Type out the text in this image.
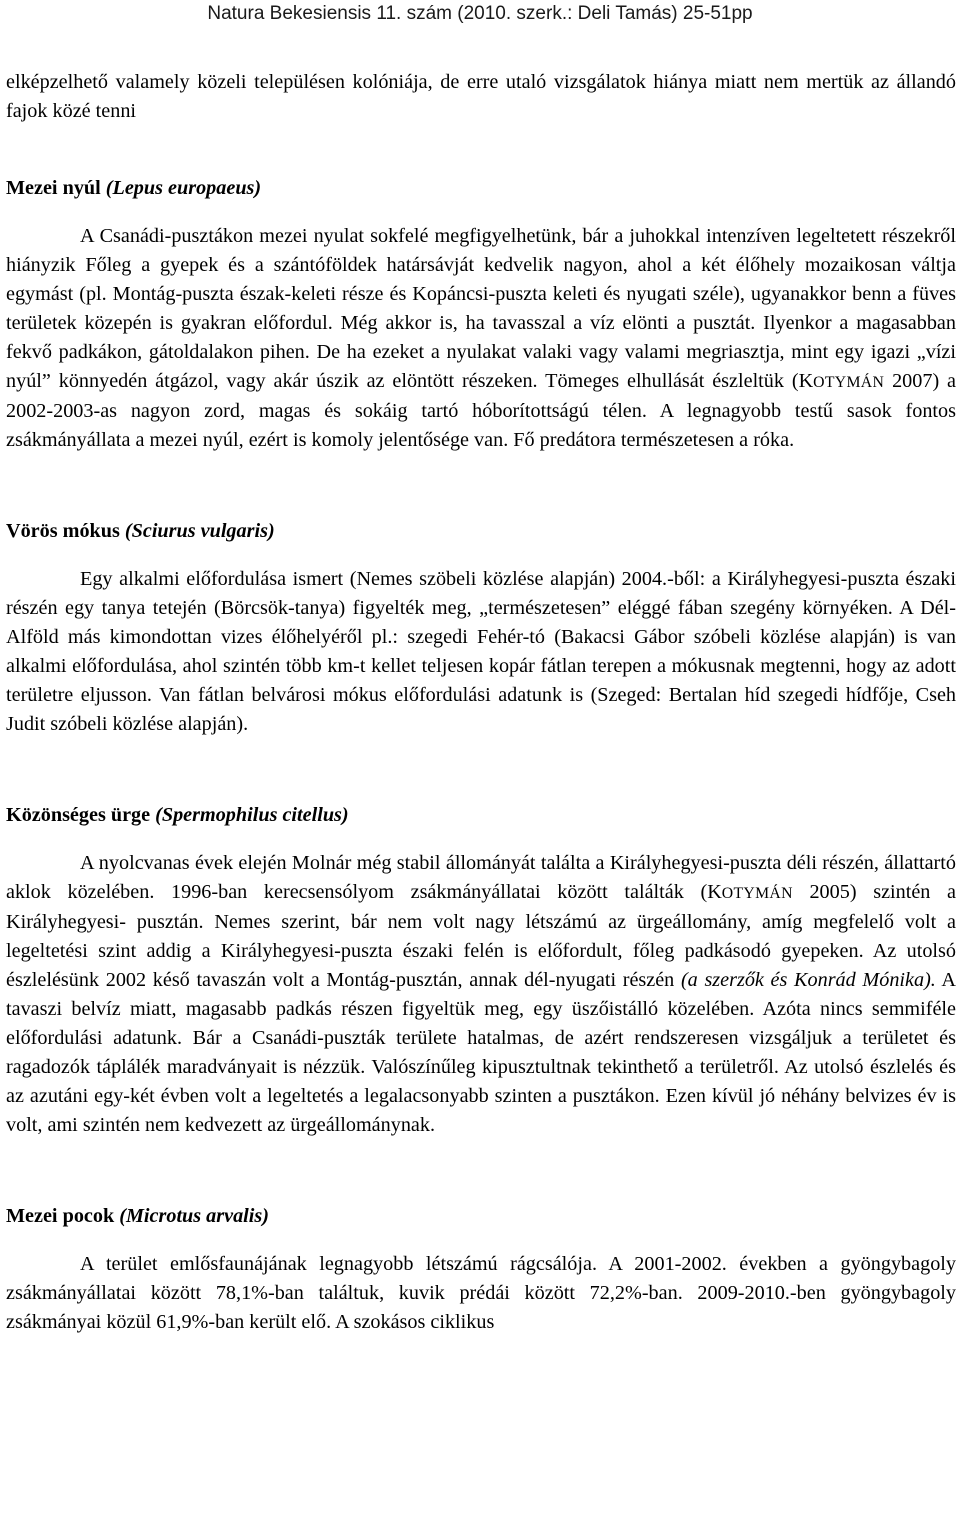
Natura Bekesiensis 11. szám (2010. szerk.: Deli Tamás) 25-51pp

elképzelhető valamely közeli településen kolóniája, de erre utaló vizsgálatok hiánya miatt nem mertük az állandó fajok közé tenni

Mezei nyúl (Lepus europaeus)

A Csanádi-pusztákon mezei nyulat sokfelé megfigyelhetünk, bár a juhokkal intenzíven legeltetett részekről hiányzik Főleg a gyepek és a szántóföldek határsávját kedvelik nagyon, ahol a két élőhely mozaikosan váltja egymást (pl. Montág-puszta észak-keleti része és Kopáncsi-puszta keleti és nyugati széle), ugyanakkor benn a füves területek közepén is gyakran előfordul. Még akkor is, ha tavasszal a víz elönti a pusztát. Ilyenkor a magasabban fekvő padkákon, gátoldalakon pihen. De ha ezeket a nyulakat valaki vagy valami megriasztja, mint egy igazi „vízi nyúl” könnyedén átgázol, vagy akár úszik az elöntött részeken. Tömeges elhullását észleltük (KOTYMÁN 2007) a 2002-2003-as nagyon zord, magas és sokáig tartó hóborítottságú télen. A legnagyobb testű sasok fontos zsákmányállata a mezei nyúl, ezért is komoly jelentősége van. Fő predátora természetesen a róka.

Vörös mókus (Sciurus vulgaris)

Egy alkalmi előfordulása ismert (Nemes szöbeli közlése alapján) 2004.-ből: a Királyhegyesi-puszta északi részén egy tanya tetején (Börcsök-tanya) figyelték meg, „természetesen” eléggé fában szegény környéken. A Dél-Alföld más kimondottan vizes élőhelyéről pl.: szegedi Fehér-tó (Bakacsi Gábor szóbeli közlése alapján) is van alkalmi előfordulása, ahol szintén több km-t kellet teljesen kopár fátlan terepen a mókusnak megtenni, hogy az adott területre eljusson. Van fátlan belvárosi mókus előfordulási adatunk is (Szeged: Bertalan híd szegedi hídfője, Cseh Judit szóbeli közlése alapján).

Közönséges ürge (Spermophilus citellus)

A nyolcvanas évek elején Molnár még stabil állományát találta a Királyhegyesi-puszta déli részén, állattartó aklok közelében. 1996-ban kerecsensólyom zsákmányállatai között találták (KOTYMÁN 2005) szintén a Királyhegyesi- pusztán. Nemes szerint, bár nem volt nagy létszámú az ürgeállomány, amíg megfelelő volt a legeltetési szint addig a Királyhegyesi-puszta északi felén is előfordult, főleg padkásodó gyepeken. Az utolsó észlelésünk 2002 késő tavaszán volt a Montág-pusztán, annak dél-nyugati részén (a szerzők és Konrád Mónika). A tavaszi belvíz miatt, magasabb padkás részen figyeltük meg, egy üszőistálló közelében. Azóta nincs semmiféle előfordulási adatunk. Bár a Csanádi-puszták területe hatalmas, de azért rendszeresen vizsgáljuk a területet és ragadozók táplálék maradványait is nézzük. Valószínűleg kipusztultnak tekinthető a területről. Az utolsó észlelés és az azutáni egy-két évben volt a legeltetés a legalacsonyabb szinten a pusztákon. Ezen kívül jó néhány belvizes év is volt, ami szintén nem kedvezett az ürgeállománynak.

Mezei pocok (Microtus arvalis)

A terület emlősfaunájának legnagyobb létszámú rágcsálója. A 2001-2002. években a gyöngybagoly zsákmányállatai között 78,1%-ban találtuk, kuvik prédái között 72,2%-ban. 2009-2010.-ben gyöngybagoly zsákmányai közül 61,9%-ban került elő. A szokásos ciklikus
